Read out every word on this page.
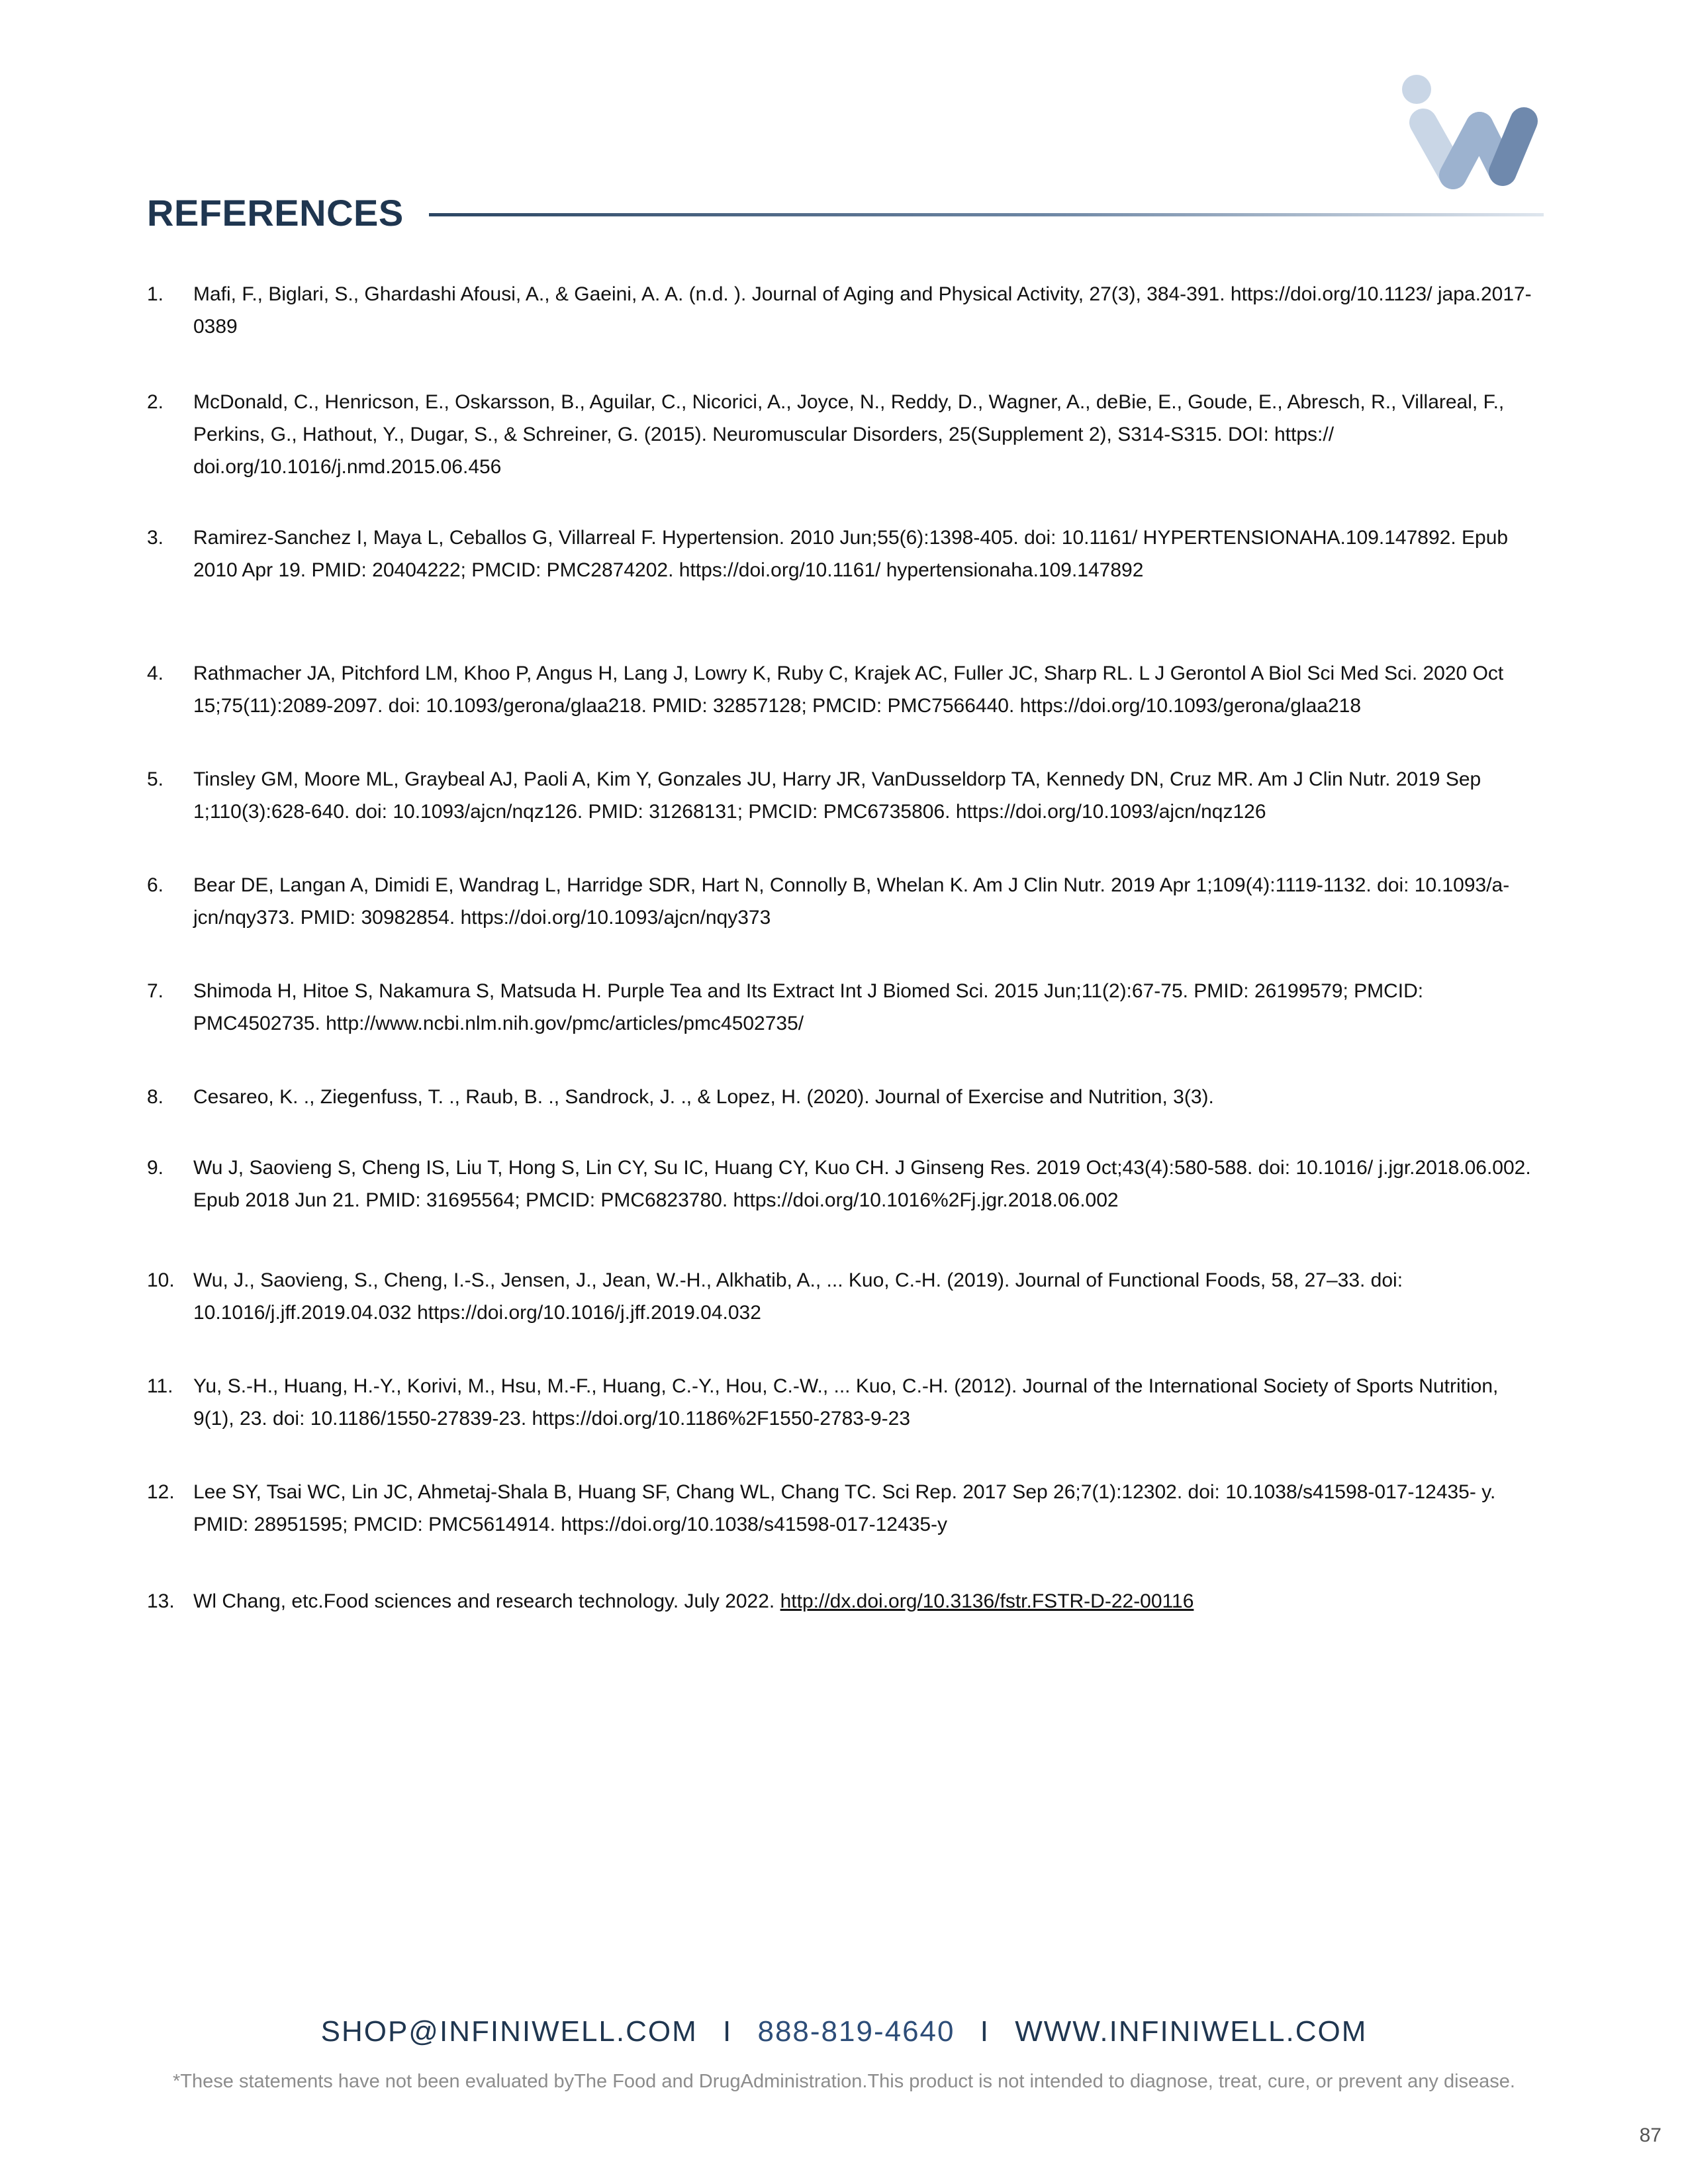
REFERENCES
1.	Mafi, F., Biglari, S., Ghardashi Afousi, A., & Gaeini, A. A. (n.d. ). Journal of Aging and Physical Activity, 27(3), 384-391. https://doi.org/10.1123/ japa.2017-0389
2.	McDonald, C., Henricson, E., Oskarsson, B., Aguilar, C., Nicorici, A., Joyce, N., Reddy, D., Wagner, A., deBie, E., Goude, E., Abresch, R., Villareal, F., Perkins, G., Hathout, Y., Dugar, S., & Schreiner, G. (2015). Neuromuscular Disorders, 25(Supplement 2), S314-S315. DOI: https:// doi.org/10.1016/j.nmd.2015.06.456
3.	Ramirez-Sanchez I, Maya L, Ceballos G, Villarreal F. Hypertension. 2010 Jun;55(6):1398-405. doi: 10.1161/ HYPERTENSIONAHA.109.147892. Epub 2010 Apr 19. PMID: 20404222; PMCID: PMC2874202. https://doi.org/10.1161/ hypertensionaha.109.147892
4.	Rathmacher JA, Pitchford LM, Khoo P, Angus H, Lang J, Lowry K, Ruby C, Krajek AC, Fuller JC, Sharp RL. L J Gerontol A Biol Sci Med Sci. 2020 Oct 15;75(11):2089-2097. doi: 10.1093/gerona/glaa218. PMID: 32857128; PMCID: PMC7566440. https://doi.org/10.1093/gerona/glaa218
5.	Tinsley GM, Moore ML, Graybeal AJ, Paoli A, Kim Y, Gonzales JU, Harry JR, VanDusseldorp TA, Kennedy DN, Cruz MR. Am J Clin Nutr. 2019 Sep 1;110(3):628-640. doi: 10.1093/ajcn/nqz126. PMID: 31268131; PMCID: PMC6735806. https://doi.org/10.1093/ajcn/nqz126
6.	Bear DE, Langan A, Dimidi E, Wandrag L, Harridge SDR, Hart N, Connolly B, Whelan K. Am J Clin Nutr. 2019 Apr 1;109(4):1119-1132. doi: 10.1093/a- jcn/nqy373. PMID: 30982854. https://doi.org/10.1093/ajcn/nqy373
7.	Shimoda H, Hitoe S, Nakamura S, Matsuda H. Purple Tea and Its Extract Int J Biomed Sci. 2015 Jun;11(2):67-75. PMID: 26199579; PMCID: PMC4502735. http://www.ncbi.nlm.nih.gov/pmc/articles/pmc4502735/
8.	Cesareo, K. ., Ziegenfuss, T. ., Raub, B. ., Sandrock, J. ., & Lopez, H. (2020). Journal of Exercise and Nutrition, 3(3).
9.	Wu J, Saovieng S, Cheng IS, Liu T, Hong S, Lin CY, Su IC, Huang CY, Kuo CH. J Ginseng Res. 2019 Oct;43(4):580-588. doi: 10.1016/ j.jgr.2018.06.002. Epub 2018 Jun 21. PMID: 31695564; PMCID: PMC6823780. https://doi.org/10.1016%2Fj.jgr.2018.06.002
10. Wu, J., Saovieng, S., Cheng, I.-S., Jensen, J., Jean, W.-H., Alkhatib, A., ... Kuo, C.-H. (2019). Journal of Functional Foods, 58, 27–33. doi: 10.1016/j.jff.2019.04.032 https://doi.org/10.1016/j.jff.2019.04.032
11.	Yu, S.-H., Huang, H.-Y., Korivi, M., Hsu, M.-F., Huang, C.-Y., Hou, C.-W., ... Kuo, C.-H. (2012). Journal of the International Society of Sports Nutrition, 9(1), 23. doi: 10.1186/1550-27839-23. https://doi.org/10.1186%2F1550-2783-9-23
12. Lee SY, Tsai WC, Lin JC, Ahmetaj-Shala B, Huang SF, Chang WL, Chang TC. Sci Rep. 2017 Sep 26;7(1):12302. doi: 10.1038/s41598-017-12435- y. PMID: 28951595; PMCID: PMC5614914. https://doi.org/10.1038/s41598-017-12435-y
13. Wl Chang, etc.Food sciences and research technology. July 2022. http://dx.doi.org/10.3136/fstr.FSTR-D-22-00116
SHOP@INFINIWELL.COM I 888-819-4640 I WWW.INFINIWELL.COM
*These statements have not been evaluated byThe Food and DrugAdministration.This product is not intended to diagnose, treat, cure, or prevent any disease.
87
